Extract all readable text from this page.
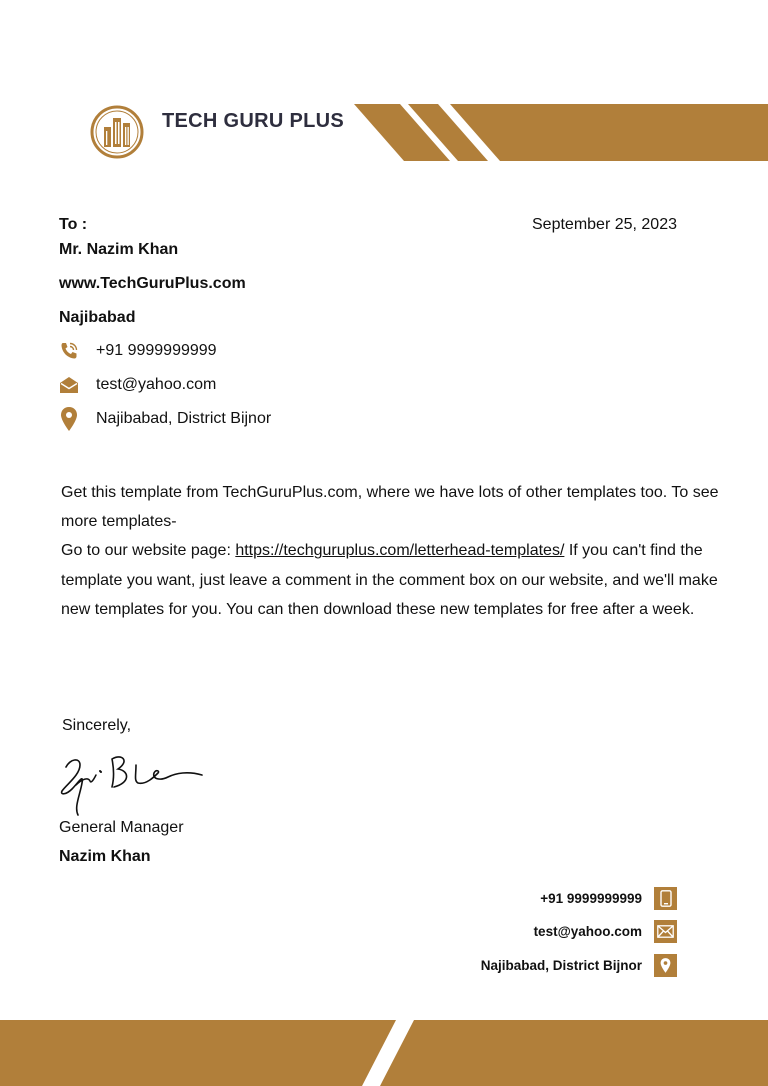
TECH GURU PLUS
To :	September 25, 2023
Mr. Nazim Khan
www.TechGuruPlus.com
Najibabad
+91 9999999999
test@yahoo.com
Najibabad, District Bijnor
Get this template from TechGuruPlus.com, where we have lots of other templates too. To see more templates-
Go to our website page: https://techguruplus.com/letterhead-templates/ If you can't find the template you want, just leave a comment in the comment box on our website, and we'll make new templates for you. You can then download these new templates for free after a week.
Sincerely,
General Manager
Nazim Khan
+91 9999999999
test@yahoo.com
Najibabad, District Bijnor
